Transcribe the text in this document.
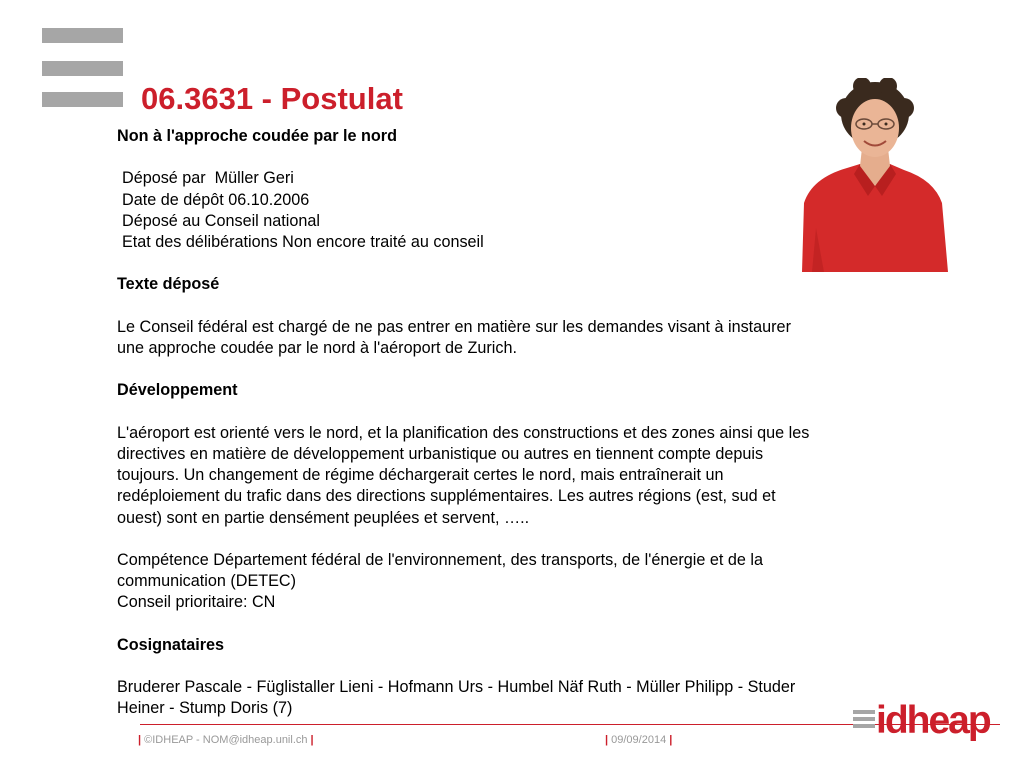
06.3631 - Postulat

Non à l'approche coudée par le nord

Déposé par  Müller Geri

Date de dépôt 06.10.2006

Déposé au Conseil national

Etat des délibérations Non encore traité au conseil

Texte déposé

Le Conseil fédéral est chargé de ne pas entrer en matière sur les demandes visant à instaurer une approche coudée par le nord à l'aéroport de Zurich.

Développement

L'aéroport est orienté vers le nord, et la planification des constructions et des zones ainsi que les directives en matière de développement urbanistique ou autres en tiennent compte depuis toujours. Un changement de régime déchargerait certes le nord, mais entraînerait un redéploiement du trafic dans des directions supplémentaires. Les autres régions (est, sud et ouest) sont en partie densément peuplées et servent, …..

Compétence Département fédéral de l'environnement, des transports, de l'énergie et de la communication (DETEC)

Conseil prioritaire: CN

Cosignataires

Bruderer Pascale - Füglistaller Lieni - Hofmann Urs - Humbel Näf Ruth - Müller Philipp - Studer Heiner - Stump Doris (7)

| ©IDHEAP - NOM@idheap.unil.ch |	| 09/09/2014 |	idheap
